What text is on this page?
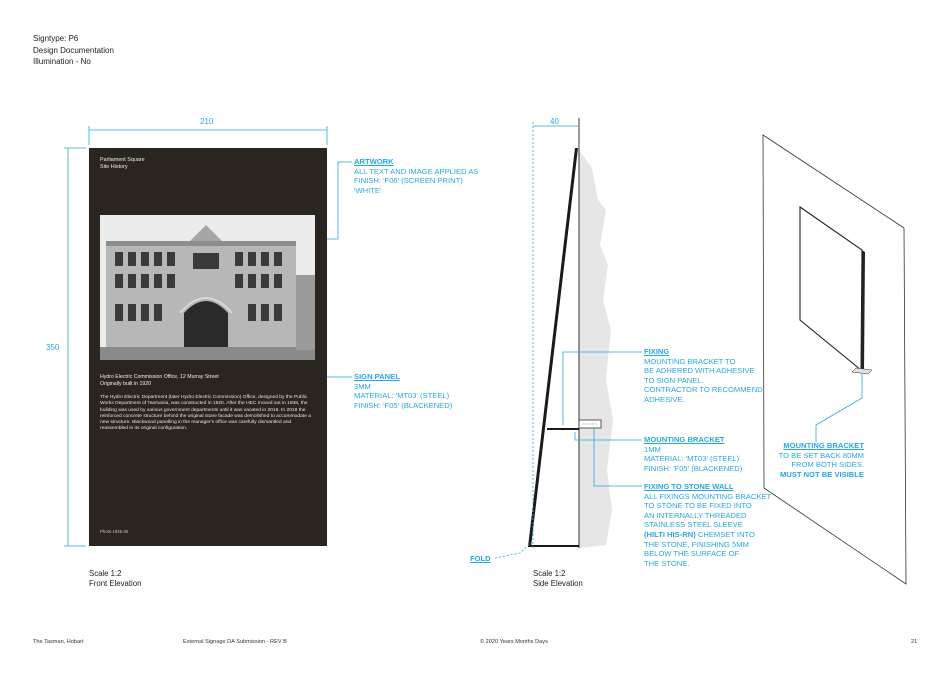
Signtype: P6
Design Documentation
Illumination - No
210
350
Parliament Square
Site History
Hydro Electric Commission Office, 12 Murray Street
Originally built in 1920
The Hydro Electric Department (later Hydro Electric Commission) Office, designed by the Public Works Department of Tasmania, was constructed in 1920. After the HEC moved out in 1938, the building was used by various government departments until it was vacated in 2016. In 2018 the reinforced concrete structure behind the original stone facade was demolished to accommodate a new structure. Blackwood panelling in the manager's office was carefully dismantled and reassembled in its original configuration.
Photo 1925-30
ARTWORK
ALL TEXT AND IMAGE APPLIED AS
FINISH: 'F06' (SCREEN PRINT)
'WHITE'
SIGN PANEL
3MM
MATERIAL: 'MT03' (STEEL)
FINISH: 'F05' (BLACKENED)
Scale 1:2
Front Elevation
40
FIXING
MOUNTING BRACKET TO
BE ADHERED WITH ADHESIVE
TO SIGN PANEL.
CONTRACTOR TO RECOMMEND
ADHESIVE.
MOUNTING BRACKET
1MM
MATERIAL: 'MT03' (STEEL)
FINISH: 'F05' (BLACKENED)
FIXING TO STONE WALL
ALL FIXINGS MOUNTING BRACKET
TO STONE TO BE FIXED INTO
AN INTERNALLY THREADED
STAINLESS STEEL SLEEVE
(HILTI HIS-RN) CHEMSET INTO
THE STONE, FINISHING 5MM
BELOW THE SURFACE OF
THE STONE.
FOLD
Scale 1:2
Side Elevation
MOUNTING BRACKET
TO BE SET BACK 80MM
FROM BOTH SIDES.
MUST NOT BE VISIBLE
The Tasman, Hobart	External Signage DA Submission - REV B	© 2020 Years Months Days	21
